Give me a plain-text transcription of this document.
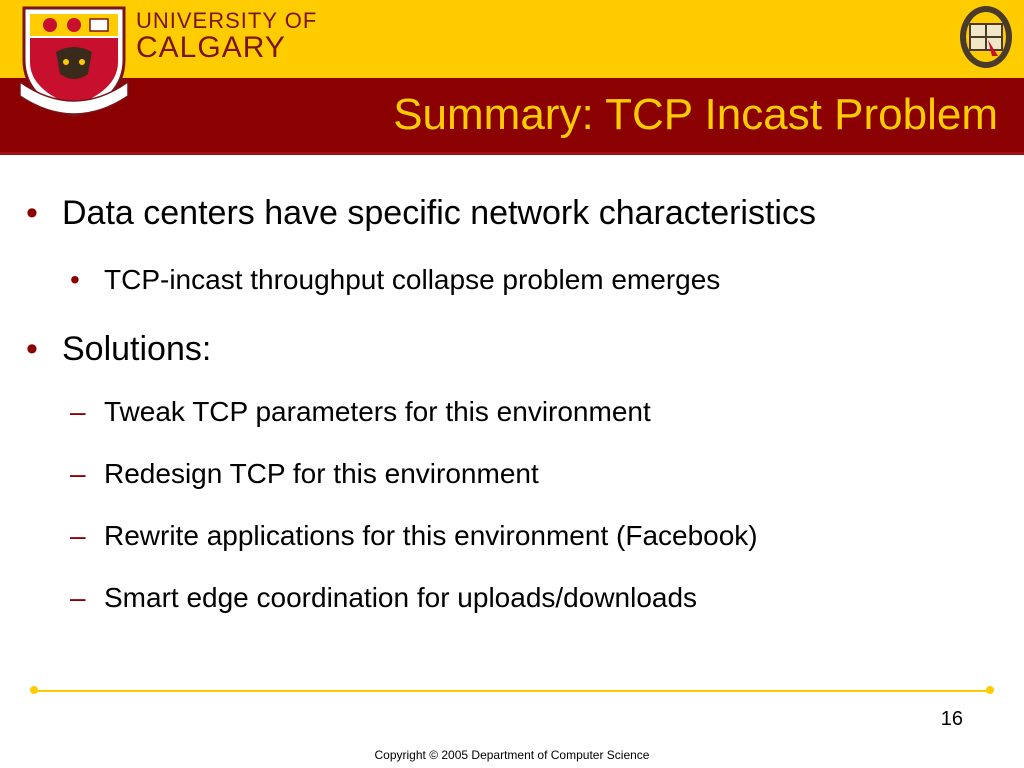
UNIVERSITY OF
CALGARY
Summary: TCP Incast Problem
• Data centers have specific network characteristics
• TCP-incast throughput collapse problem emerges
• Solutions:
– Tweak TCP parameters for this environment
– Redesign TCP for this environment
– Rewrite applications for this environment (Facebook)
– Smart edge coordination for uploads/downloads
16
Copyright © 2005 Department of Computer Science
